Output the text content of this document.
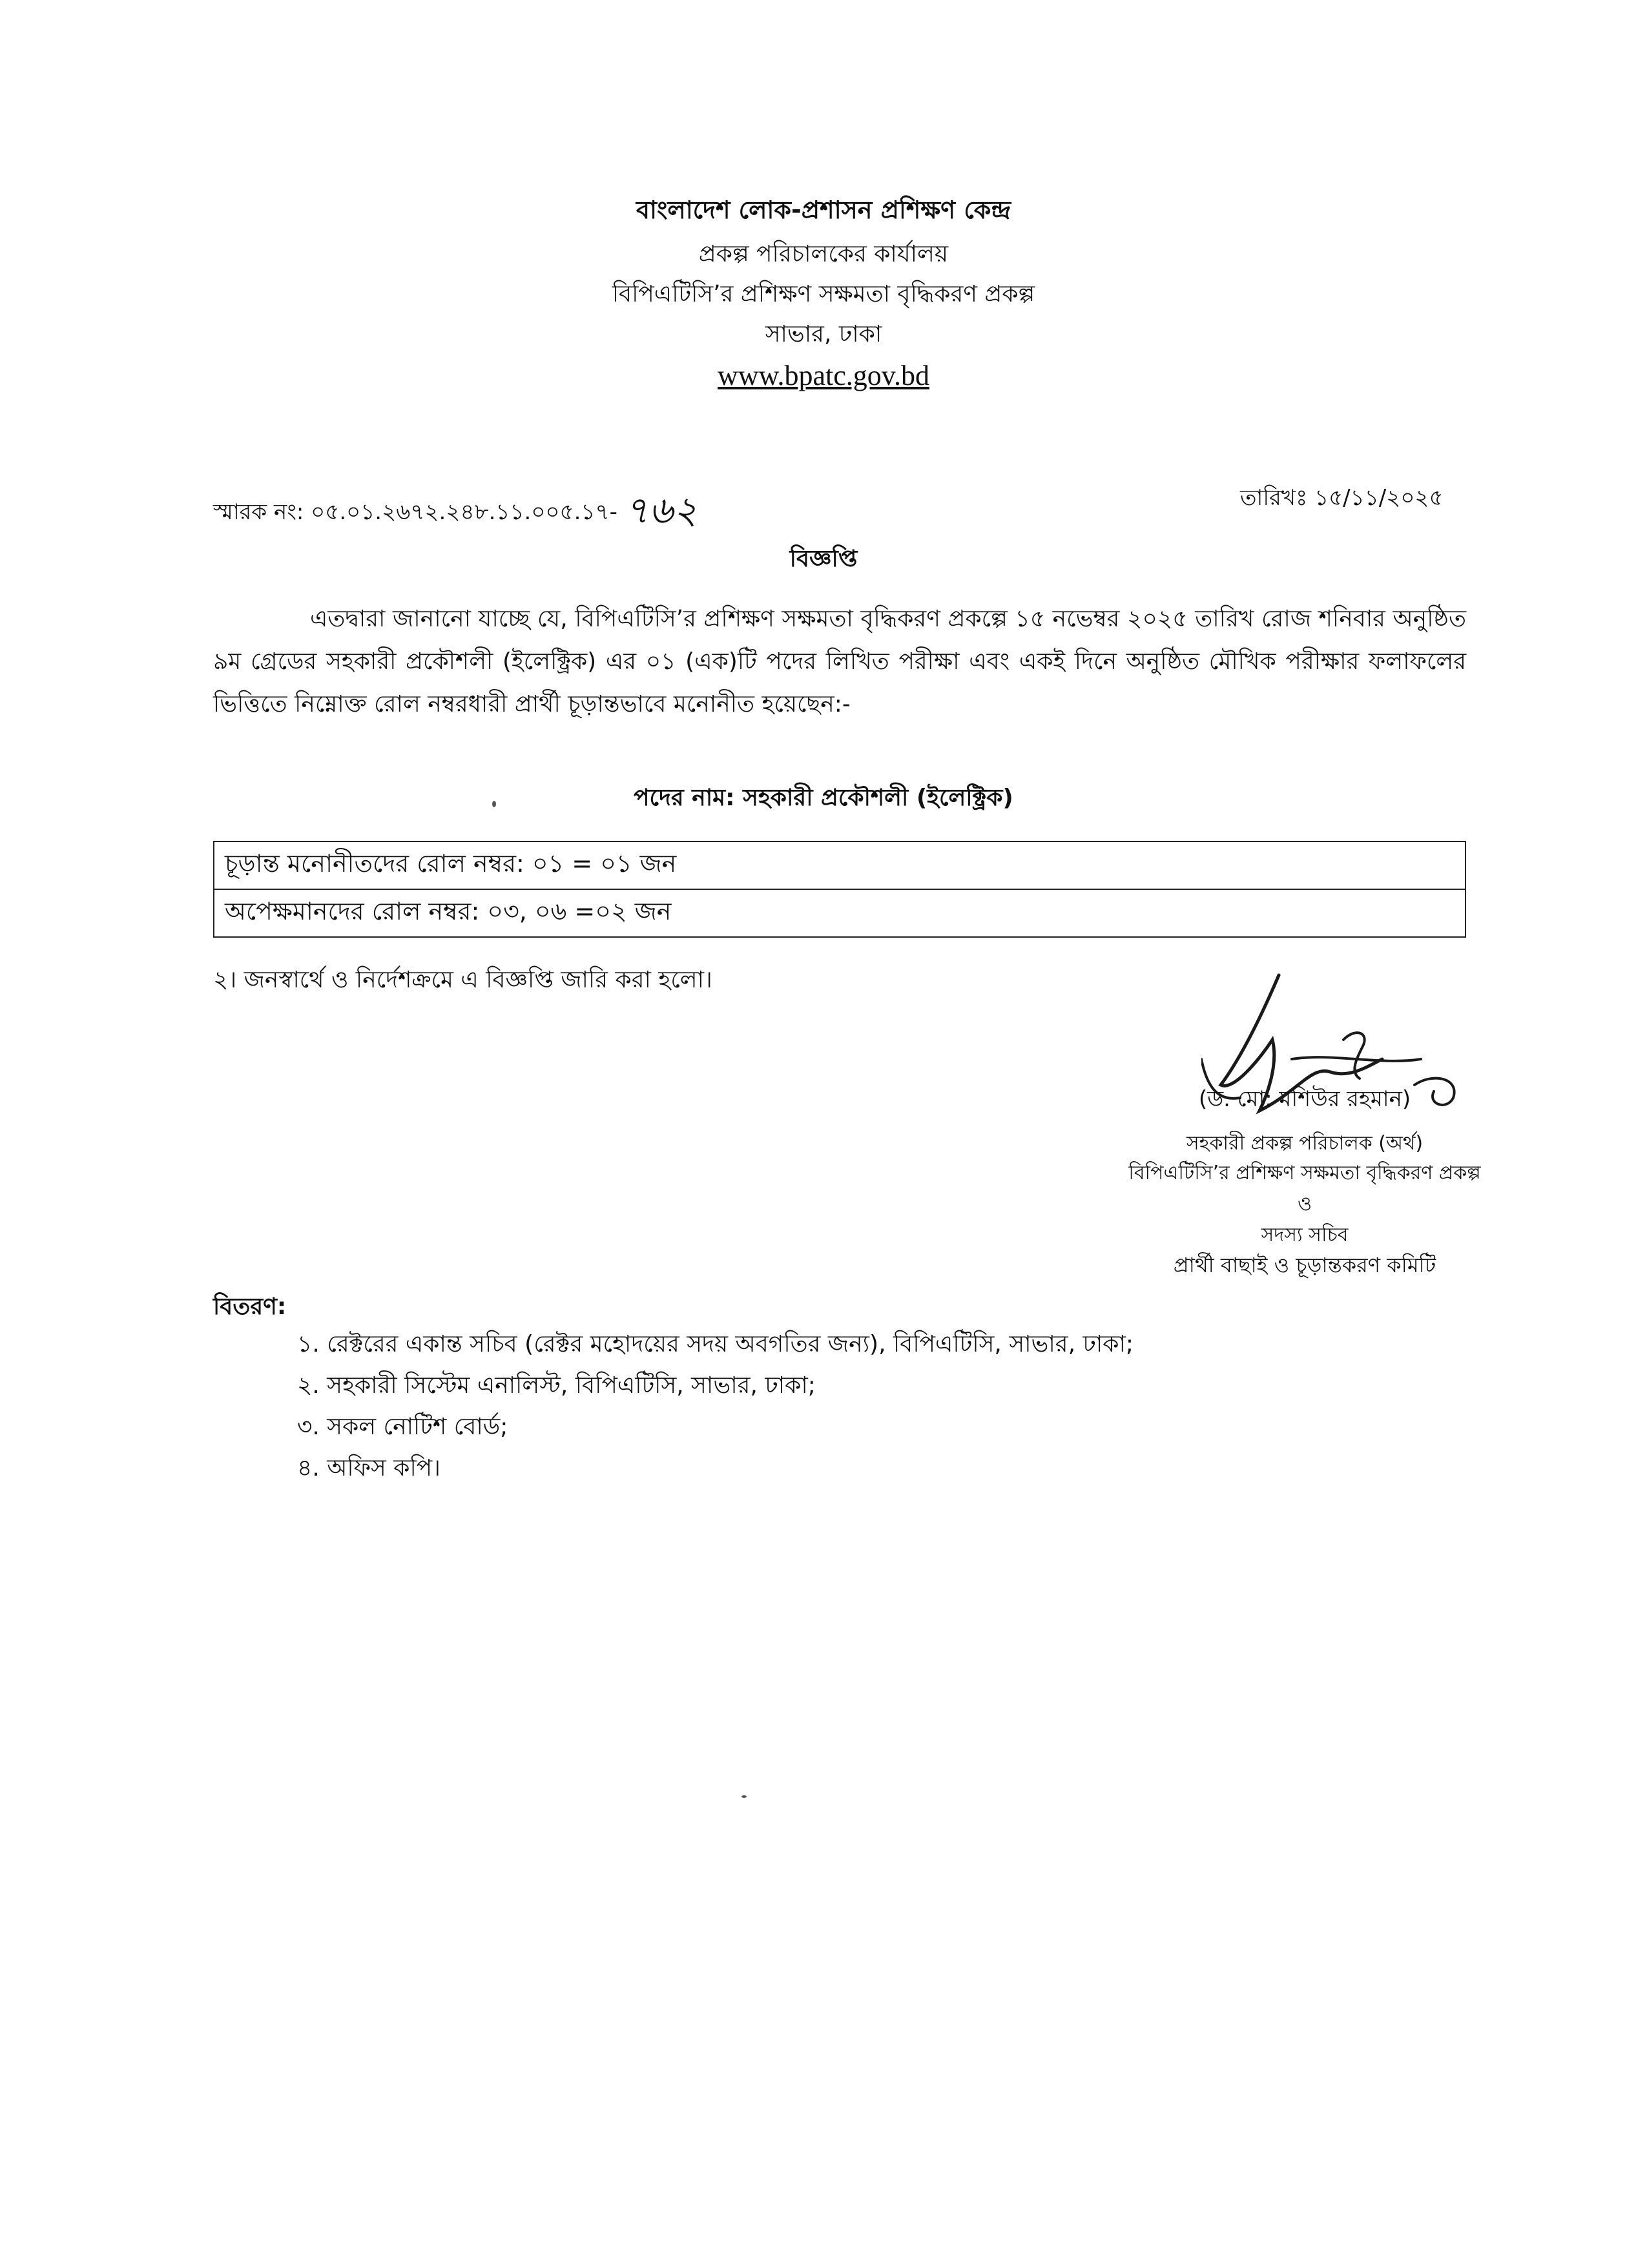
বাংলাদেশ লোক-প্রশাসন প্রশিক্ষণ কেন্দ্র
প্রকল্প পরিচালকের কার্যালয়
বিপিএটিসি’র প্রশিক্ষণ সক্ষমতা বৃদ্ধিকরণ প্রকল্প
সাভার, ঢাকা
www.bpatc.gov.bd
স্মারক নং: ০৫.০১.২৬৭২.২৪৮.১১.০০৫.১৭- ৭৬২	তারিখঃ ১৫/১১/২০২৫
বিজ্ঞপ্তি
এতদ্বারা জানানো যাচ্ছে যে, বিপিএটিসি’র প্রশিক্ষণ সক্ষমতা বৃদ্ধিকরণ প্রকল্পে ১৫ নভেম্বর ২০২৫ তারিখ রোজ শনিবার অনুষ্ঠিত ৯ম গ্রেডের সহকারী প্রকৌশলী (ইলেক্ট্রিক) এর ০১ (এক)টি পদের লিখিত পরীক্ষা এবং একই দিনে অনুষ্ঠিত মৌখিক পরীক্ষার ফলাফলের ভিত্তিতে নিম্নোক্ত রোল নম্বরধারী প্রার্থী চূড়ান্তভাবে মনোনীত হয়েছেন:-
পদের নাম: সহকারী প্রকৌশলী (ইলেক্ট্রিক)
চূড়ান্ত মনোনীতদের রোল নম্বর: ০১ = ০১ জন
অপেক্ষমানদের রোল নম্বর: ০৩, ০৬ =০২ জন
২। জনস্বার্থে ও নির্দেশক্রমে এ বিজ্ঞপ্তি জারি করা হলো।
(ড. মো: মশিউর রহমান)
সহকারী প্রকল্প পরিচালক (অর্থ)
বিপিএটিসি’র প্রশিক্ষণ সক্ষমতা বৃদ্ধিকরণ প্রকল্প
ও
সদস্য সচিব
প্রার্থী বাছাই ও চূড়ান্তকরণ কমিটি
বিতরণ:
১. রেক্টরের একান্ত সচিব (রেক্টর মহোদয়ের সদয় অবগতির জন্য), বিপিএটিসি, সাভার, ঢাকা;
২. সহকারী সিস্টেম এনালিস্ট, বিপিএটিসি, সাভার, ঢাকা;
৩. সকল নোটিশ বোর্ড;
৪. অফিস কপি।
